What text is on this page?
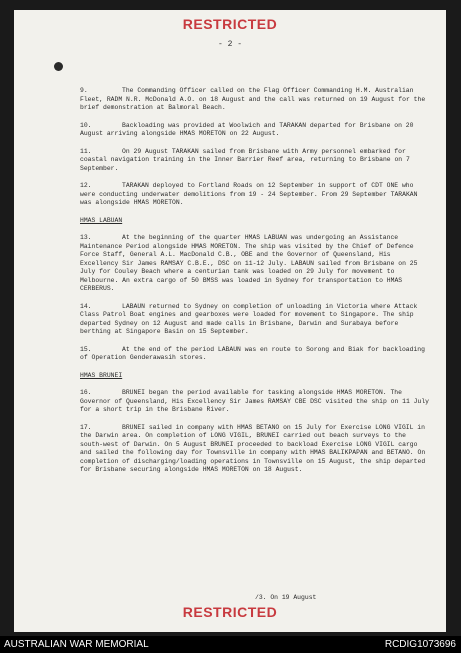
RESTRICTED
- 2 -
9.	The Commanding Officer called on the Flag Officer Commanding H.M. Australian Fleet, RADM N.R. McDonald A.O. on 18 August and the call was returned on 19 August for the brief demonstration at Balmoral Beach.
10.	Backloading was provided at Woolwich and TARAKAN departed for Brisbane on 20 August arriving alongside HMAS MORETON on 22 August.
11.	On 29 August TARAKAN sailed from Brisbane with Army personnel embarked for coastal navigation training in the Inner Barrier Reef area, returning to Brisbane on 7 September.
12.	TARAKAN deployed to Fortland Roads on 12 September in support of CDT ONE who were conducting underwater demolitions from 19 - 24 September. From 29 September TARAKAN was alongside HMAS MORETON.
HMAS LABUAN
13.	At the beginning of the quarter HMAS LABUAN was undergoing an Assistance Maintenance Period alongside HMAS MORETON. The ship was visited by the Chief of Defence Force Staff, General A.L. MacDonald C.B., OBE and the Governor of Queensland, His Excellency Sir James RAMSAY C.B.E., DSC on 11-12 July. LABAUN sailed from Brisbane on 25 July for Couley Beach where a centurian tank was loaded on 29 July for movement to Melbourne. An extra cargo of 50 BMSS was loaded in Sydney for transportation to HMAS CERBERUS.
14.	LABAUN returned to Sydney on completion of unloading in Victoria where Attack Class Patrol Boat engines and gearboxes were loaded for movement to Singapore. The ship departed Sydney on 12 August and made calls in Brisbane, Darwin and Surabaya before berthing at Singapore Basin on 15 September.
15.	At the end of the period LABAUN was en route to Sorong and Biak for backloading of Operation Genderawasih stores.
HMAS BRUNEI
16.	BRUNEI began the period available for tasking alongside HMAS MORETON. The Governor of Queensland, His Excellency Sir James RAMSAY CBE DSC visited the ship on 11 July for a short trip in the Brisbane River.
17.	BRUNEI sailed in company with HMAS BETANO on 15 July for Exercise LONG VIGIL in the Darwin area. On completion of LONG VIGIL, BRUNEI carried out beach surveys to the south-west of Darwin. On 5 August BRUNEI proceeded to backload Exercise LONG VIGIL cargo and sailed the following day for Townsville in company with HMAS BALIKPAPAN and BETANO. On completion of discharging/loading operations in Townsville on 15 August, the ship departed for Brisbane securing alongside HMAS MORETON on 18 August.
/3. On 19 August
RESTRICTED
AUSTRALIAN WAR MEMORIAL	RCDIG1073696
